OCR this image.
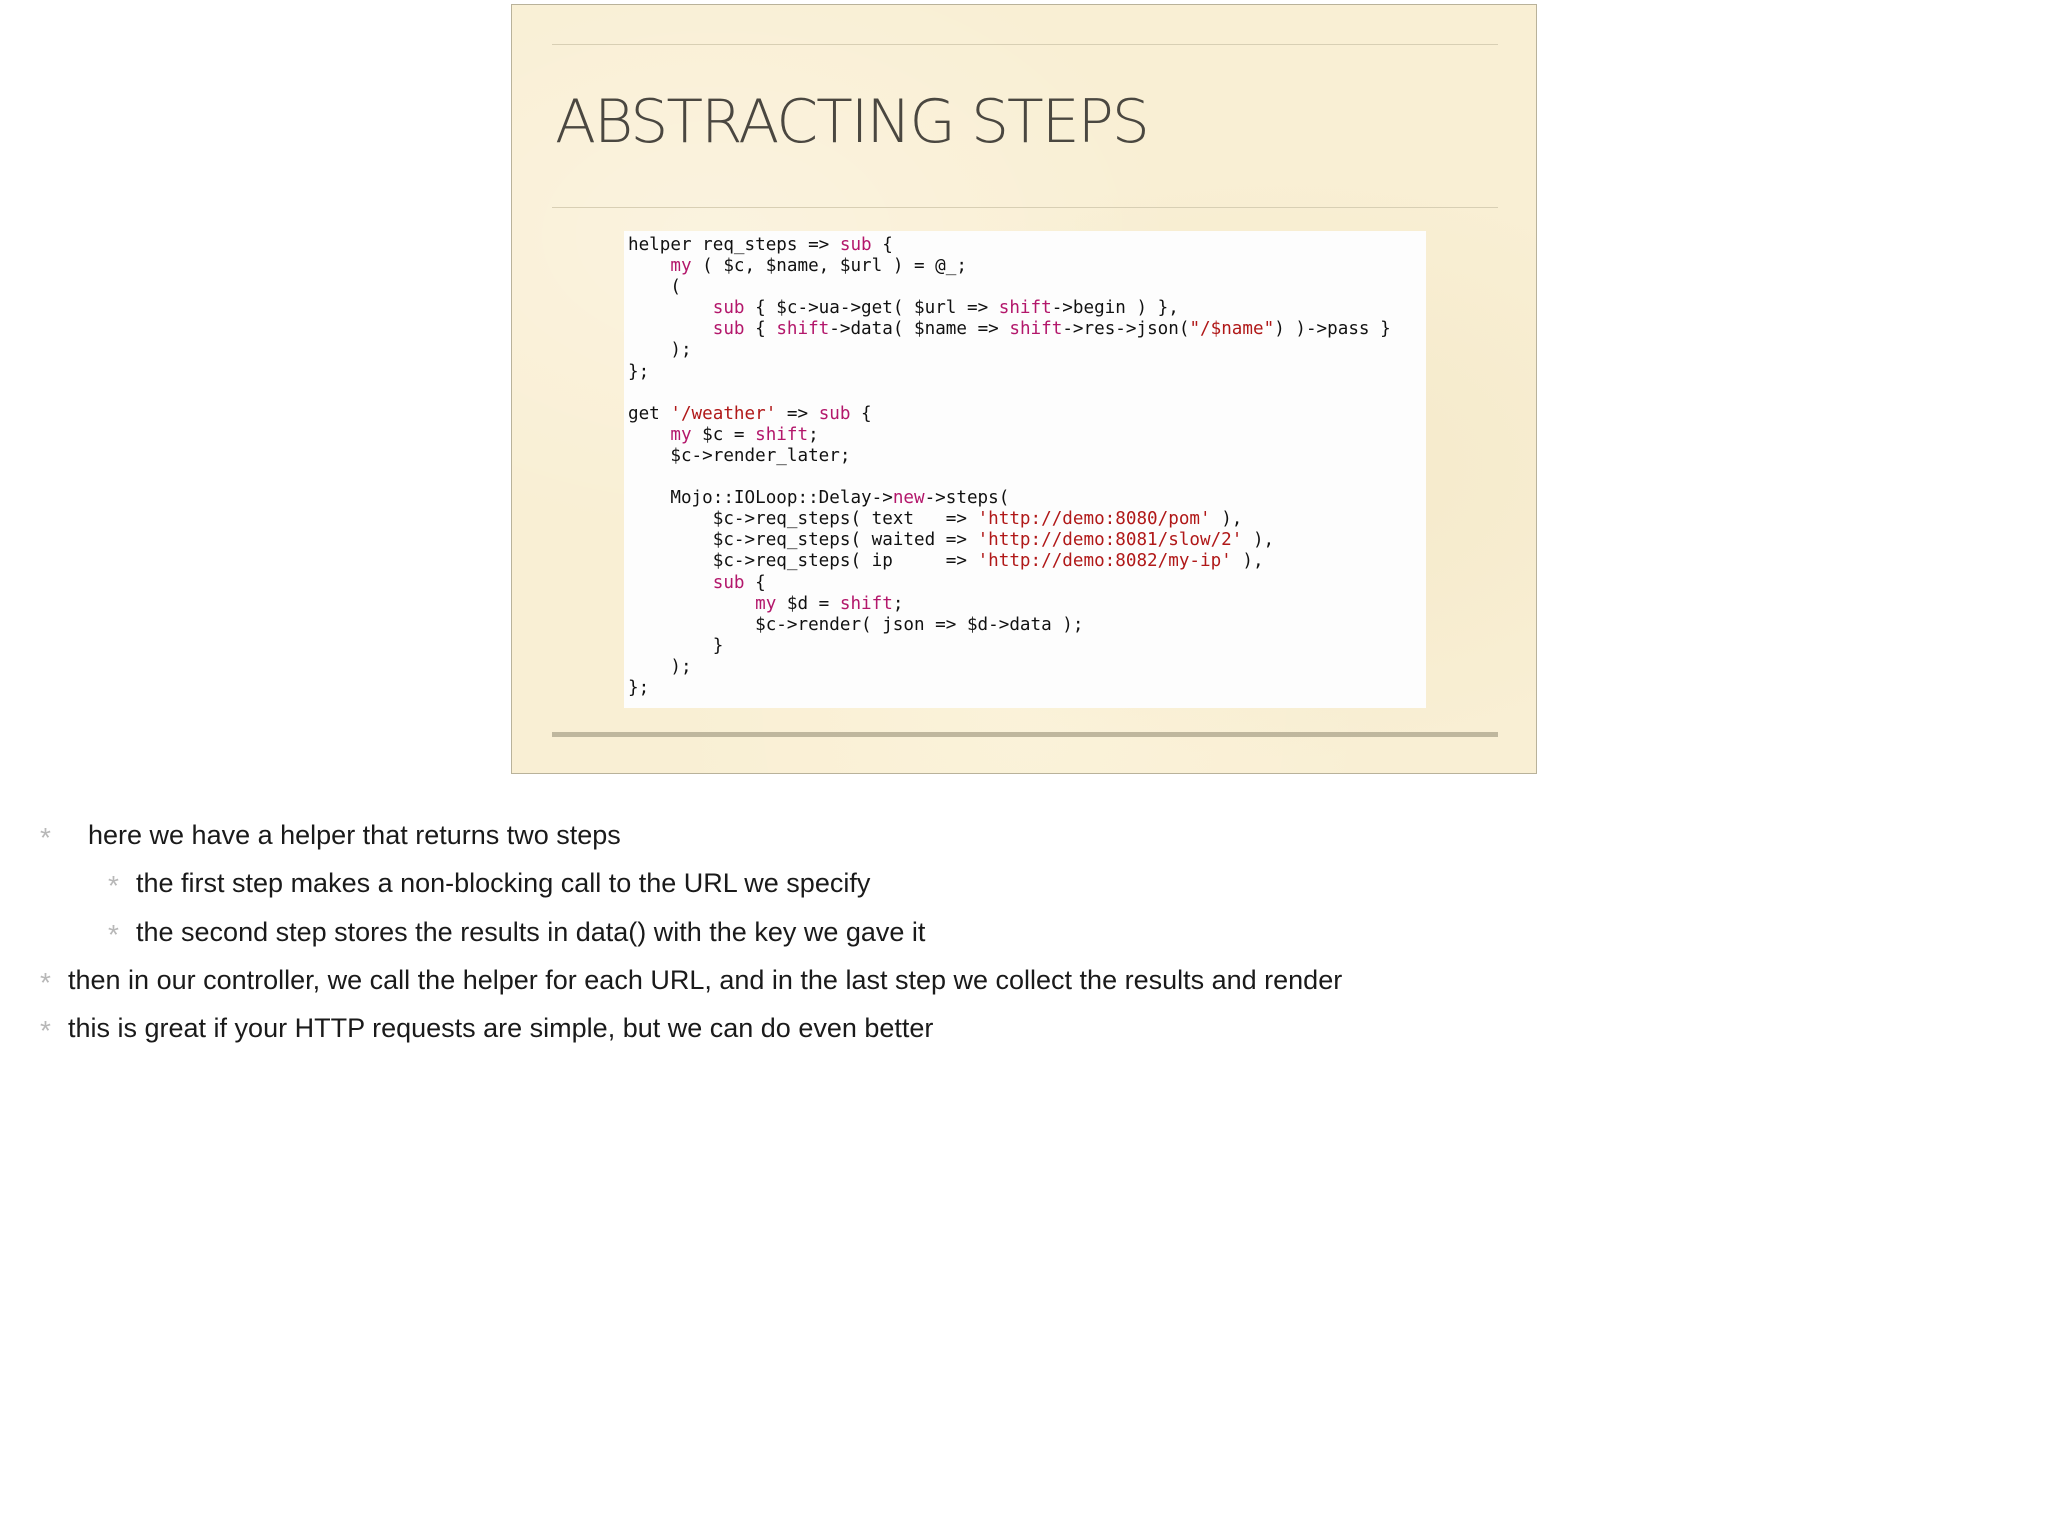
ABSTRACTING STEPS
helper req_steps => sub {
my ( $c, $name, $url ) = @_;
(
sub { $c->ua->get( $url => shift->begin ) },
sub { shift->data( $name => shift->res->json("/$name") )->pass }
);
};
get '/weather' => sub {
my $c = shift;
$c->render_later;
Mojo::IOLoop::Delay->new->steps(
$c->req_steps( text   => 'http://demo:8080/pom' ),
$c->req_steps( waited => 'http://demo:8081/slow/2' ),
$c->req_steps( ip     => 'http://demo:8082/my-ip' ),
sub {
my $d = shift;
$c->render( json => $d->data );
}
);
};
* here we have a helper that returns two steps
* the first step makes a non-blocking call to the URL we specify
* the second step stores the results in data() with the key we gave it
* then in our controller, we call the helper for each URL, and in the last step we collect the results and render
* this is great if your HTTP requests are simple, but we can do even better
